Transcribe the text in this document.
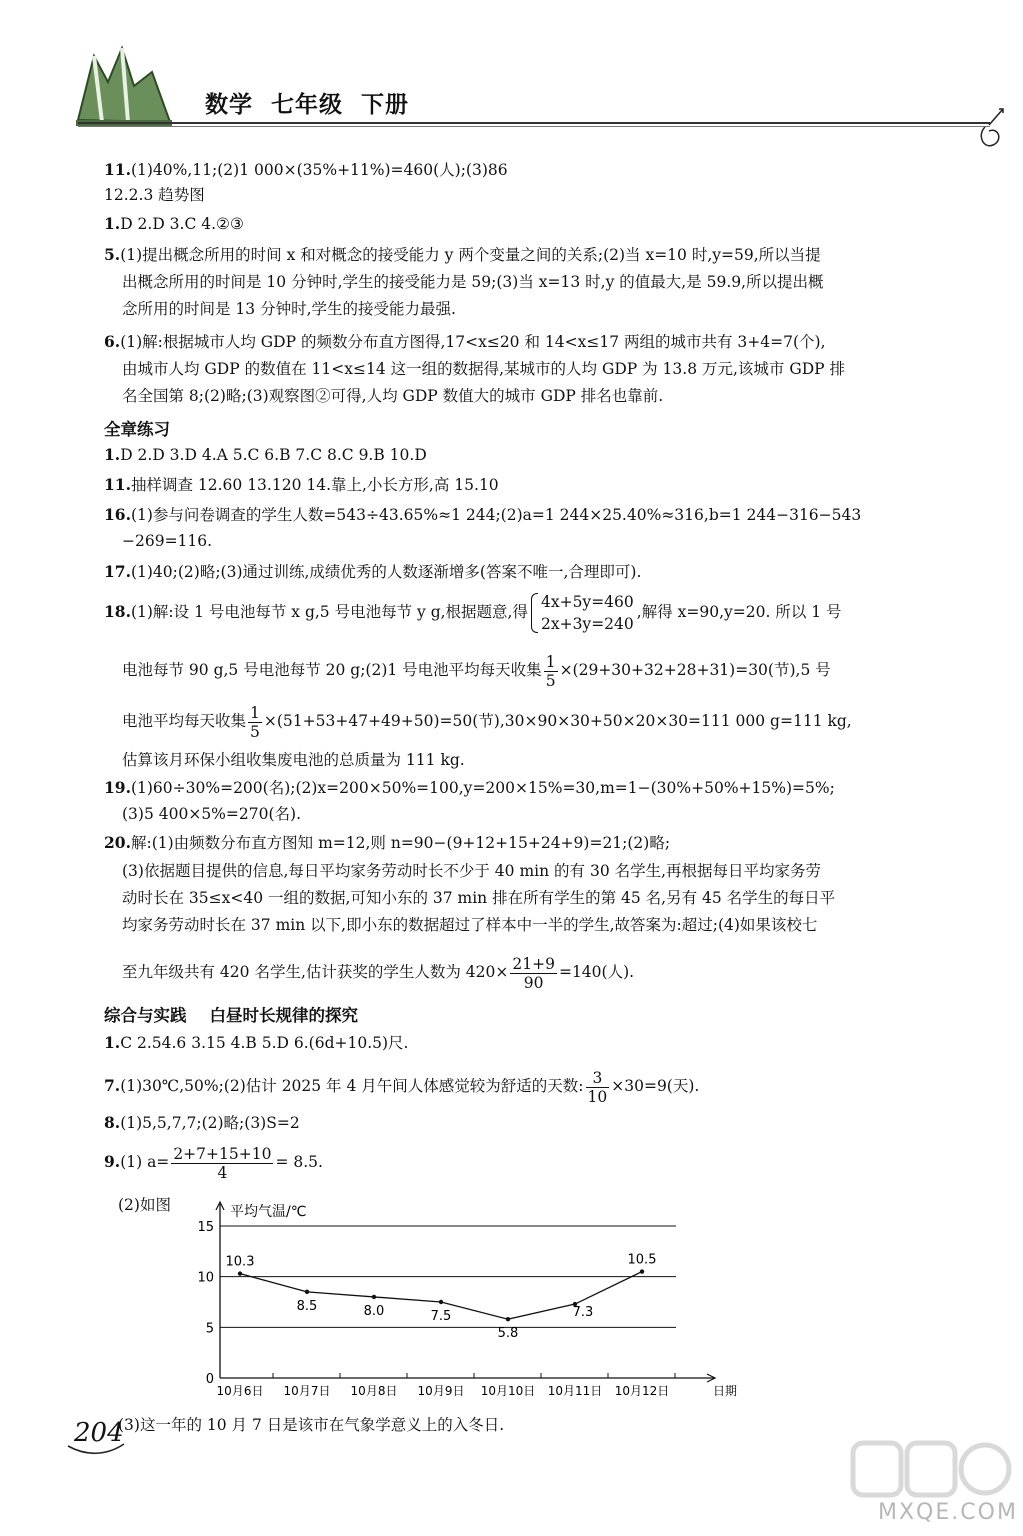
数学 七年级 下册
11.(1)40%,11;(2)1 000×(35%+11%)=460(人);(3)86
12.2.3 趋势图
1.D 2.D 3.C 4.②③
5.(1)提出概念所用的时间 x 和对概念的接受能力 y 两个变量之间的关系;(2)当 x=10 时,y=59,所以当提
出概念所用的时间是 10 分钟时,学生的接受能力是 59;(3)当 x=13 时,y 的值最大,是 59.9,所以提出概
念所用的时间是 13 分钟时,学生的接受能力最强.
6.(1)解:根据城市人均 GDP 的频数分布直方图得,17<x≤20 和 14<x≤17 两组的城市共有 3+4=7(个),
由城市人均 GDP 的数值在 11<x≤14 这一组的数据得,某城市的人均 GDP 为 13.8 万元,该城市 GDP 排
名全国第 8;(2)略;(3)观察图②可得,人均 GDP 数值大的城市 GDP 排名也靠前.
全章练习
1.D 2.D 3.D 4.A 5.C 6.B 7.C 8.C 9.B 10.D
11.抽样调查 12.60 13.120 14.靠上,小长方形,高 15.10
16.(1)参与问卷调查的学生人数=543÷43.65%≈1 244;(2)a=1 244×25.40%≈316,b=1 244−316−543
−269=116.
17.(1)40;(2)略;(3)通过训练,成绩优秀的人数逐渐增多(答案不唯一,合理即可).
18.(1)解:设 1 号电池每节 x g,5 号电池每节 y g,根据题意,得
4x+5y=460
2x+3y=240
,解得 x=90,y=20. 所以 1 号
电池每节 90 g,5 号电池每节 20 g;(2)1 号电池平均每天收集 $\frac{1}{5} \times(29+30+32+28+31)=30$(节),5 号
电池平均每天收集 $\frac{1}{5} \times(51+53+47+49+50)=50$(节),30×90×30+50×20×30=111 000 g=111 kg,
估算该月环保小组收集废电池的总质量为 111 kg.
19.(1)60÷30%=200(名);(2)x=200×50%=100,y=200×15%=30,m=1−(30%+50%+15%)=5%;
(3)5 400×5%=270(名).
20.解:(1)由频数分布直方图知 m=12,则 n=90−(9+12+15+24+9)=21;(2)略;
(3)依据题目提供的信息,每日平均家务劳动时长不少于 40 min 的有 30 名学生,再根据每日平均家务劳
动时长在 35≤x<40 一组的数据,可知小东的 37 min 排在所有学生的第 45 名,另有 45 名学生的每日平
均家务劳动时长在 37 min 以下,即小东的数据超过了样本中一半的学生,故答案为:超过;(4)如果该校七
至九年级共有 420 名学生,估计获奖的学生人数为 $420\times \frac{21+9}{90} =140$(人).
综合与实践    白昼时长规律的探究
1.C 2.54.6 3.15 4.B 5.D 6.(6d+10.5)尺.
7.(1)30℃,50%;(2)估计 2025 年 4 月午间人体感觉较为舒适的天数: $\frac{3}{10} \times 30=9$(天).
8.(1)5,5,7,7;(2)略;(3)S=2
9.(1) $a= \frac{2+7+15+10}{4} = 8.5$.
(2)如图
0
5
10
15
平均气温/℃
10月6日 10月7日 10月8日 10月9日 10月10日 10月11日 10月12日	日期
10.3
8.5	8.0	7.5
5.8
7.3
10.5
(3)这一年的 10 月 7 日是该市在气象学意义上的入冬日.
204
MXQE.COM
